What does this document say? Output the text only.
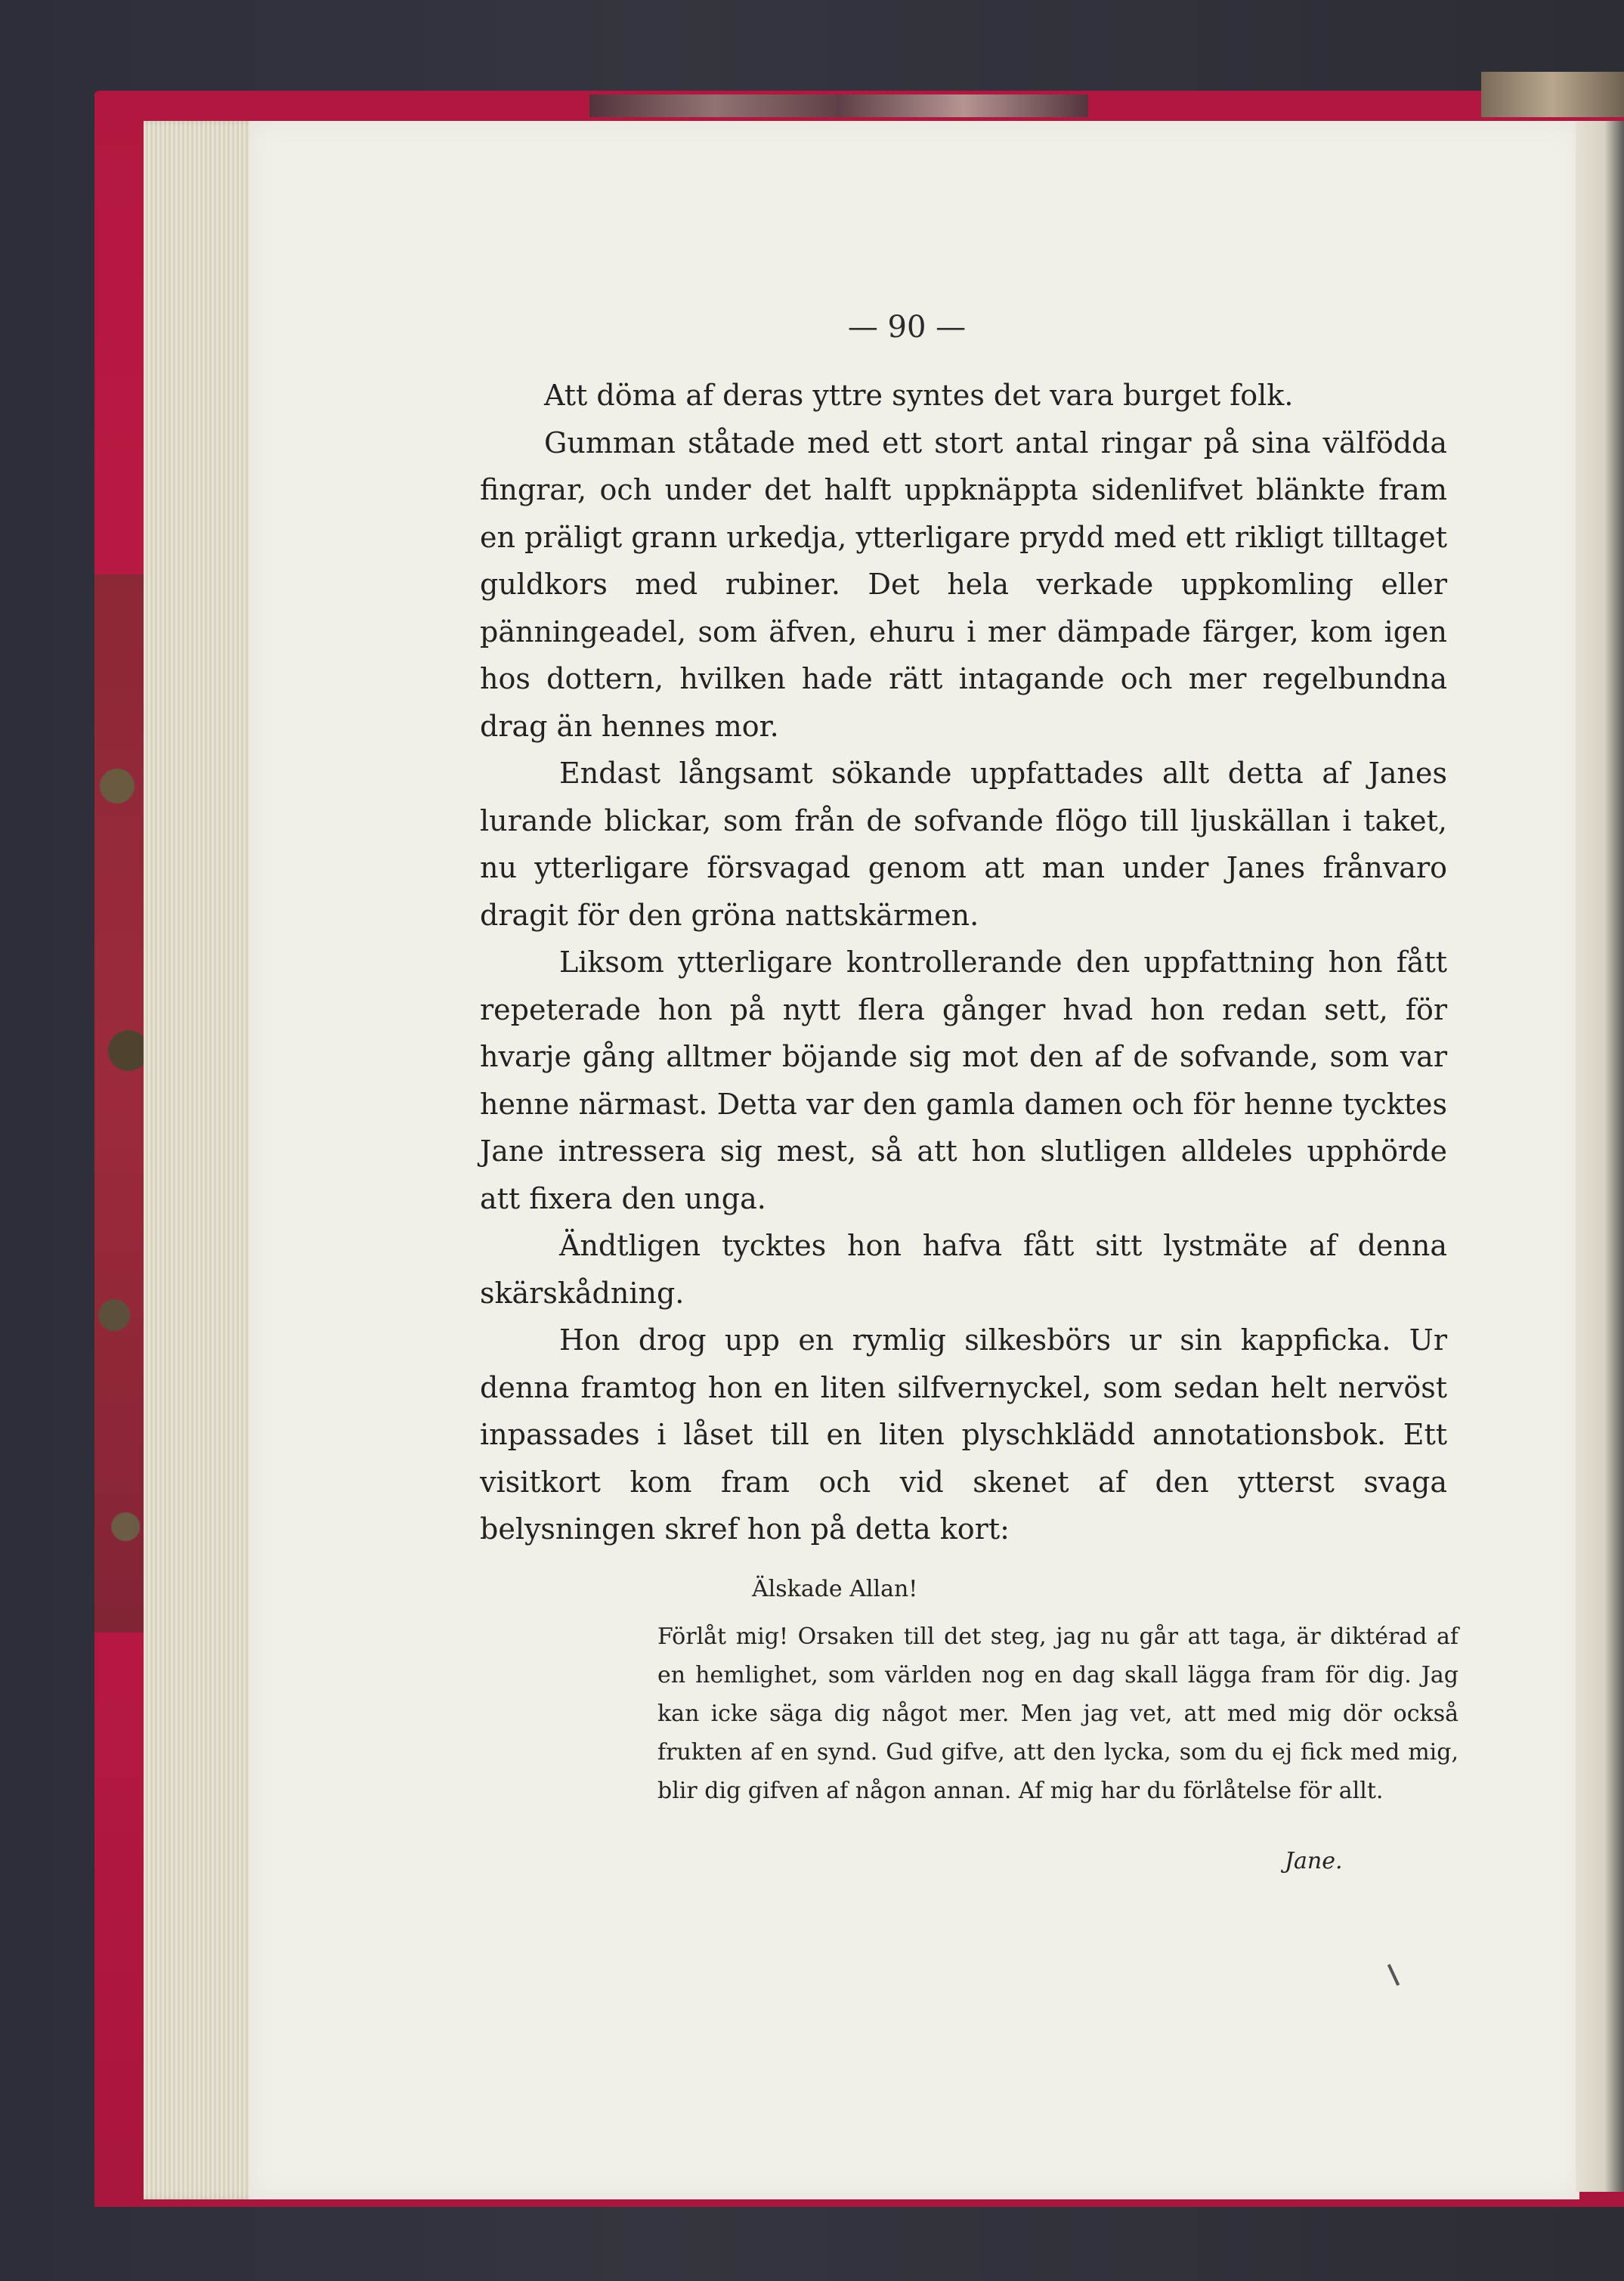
— 90 —

Att döma af deras yttre syntes det vara burget folk.

Gumman ståtade med ett stort antal ringar på sina välfödda fingrar, och under det halft uppknäppta sidenlifvet blänkte fram en präligt grann urkedja, ytterligare prydd med ett rikligt tilltaget guldkors med rubiner. Det hela verkade uppkomling eller pänningeadel, som äfven, ehuru i mer dämpade färger, kom igen hos dottern, hvilken hade rätt intagande och mer regelbundna drag än hennes mor.

Endast långsamt sökande uppfattades allt detta af Janes lurande blickar, som från de sofvande flögo till ljuskällan i taket, nu ytterligare försvagad genom att man under Janes frånvaro dragit för den gröna nattskärmen.

Liksom ytterligare kontrollerande den uppfattning hon fått repeterade hon på nytt flera gånger hvad hon redan sett, för hvarje gång alltmer böjande sig mot den af de sofvande, som var henne närmast. Detta var den gamla damen och för henne tycktes Jane intressera sig mest, så att hon slutligen alldeles upphörde att fixera den unga.

Ändtligen tycktes hon hafva fått sitt lystmäte af denna skärskådning.

Hon drog upp en rymlig silkesbörs ur sin kappficka. Ur denna framtog hon en liten silfvernyckel, som sedan helt nervöst inpassades i låset till en liten plyschklädd annotationsbok. Ett visitkort kom fram och vid skenet af den ytterst svaga belysningen skref hon på detta kort:

Älskade Allan!

Förlåt mig! Orsaken till det steg, jag nu går att taga, är diktérad af en hemlighet, som världen nog en dag skall lägga fram för dig. Jag kan icke säga dig något mer. Men jag vet, att med mig dör också frukten af en synd. Gud gifve, att den lycka, som du ej fick med mig, blir dig gifven af någon annan. Af mig har du förlåtelse för allt.

Jane.
